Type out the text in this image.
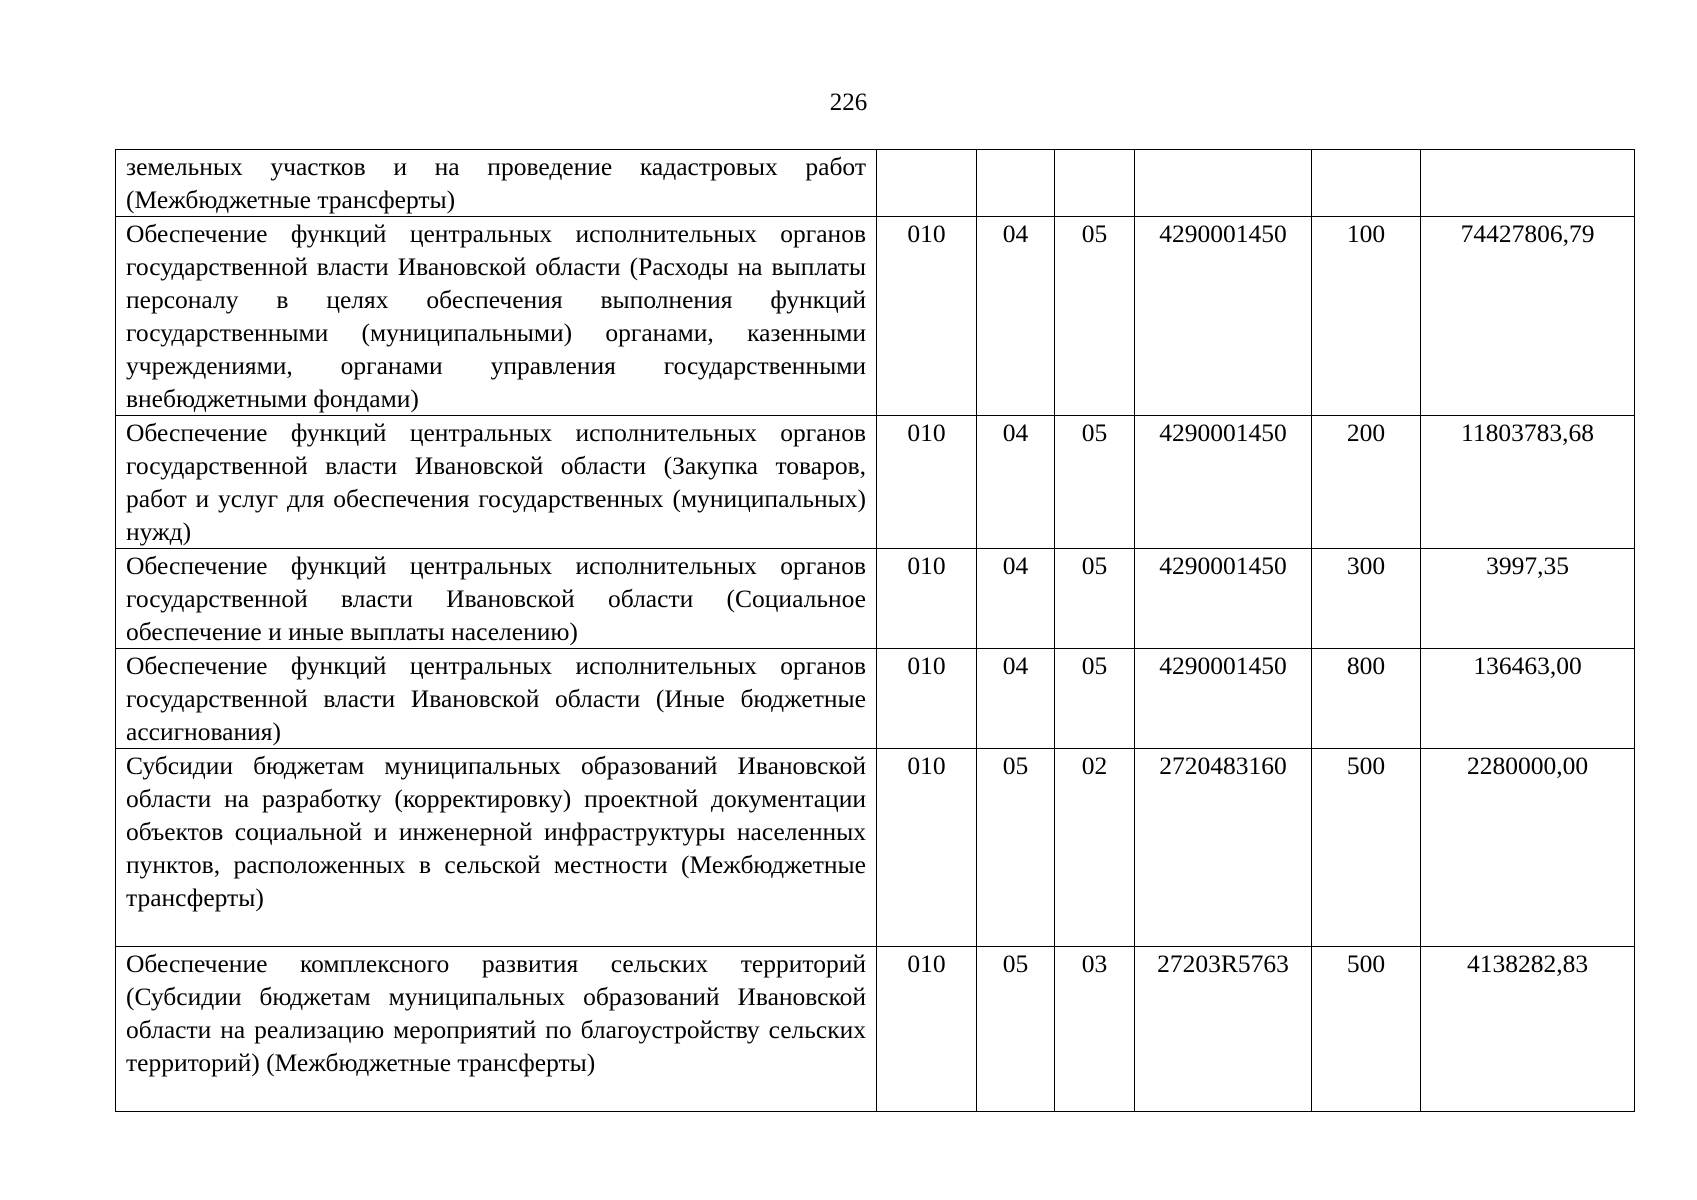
226
земельных участков и на проведение кадастровых работ (Межбюджетные трансферты)						
Обеспечение функций центральных исполнительных органов государственной власти Ивановской области (Расходы на выплаты персоналу в целях обеспечения выполнения функций государственными (муниципальными) органами, казенными учреждениями, органами управления государственными внебюджетными фондами)	010	04	05	4290001450	100	74427806,79
Обеспечение функций центральных исполнительных органов государственной власти Ивановской области (Закупка товаров, работ и услуг для обеспечения государственных (муниципальных) нужд)	010	04	05	4290001450	200	11803783,68
Обеспечение функций центральных исполнительных органов государственной власти Ивановской области (Социальное обеспечение и иные выплаты населению)	010	04	05	4290001450	300	3997,35
Обеспечение функций центральных исполнительных органов государственной власти Ивановской области (Иные бюджетные ассигнования)	010	04	05	4290001450	800	136463,00
Субсидии бюджетам муниципальных образований Ивановской области на разработку (корректировку) проектной документации объектов социальной и инженерной инфраструктуры населенных пунктов, расположенных в сельской местности (Межбюджетные трансферты)	010	05	02	2720483160	500	2280000,00
Обеспечение комплексного развития сельских территорий (Субсидии бюджетам муниципальных образований Ивановской области на реализацию мероприятий по благоустройству сельских территорий) (Межбюджетные трансферты)	010	05	03	27203R5763	500	4138282,83
